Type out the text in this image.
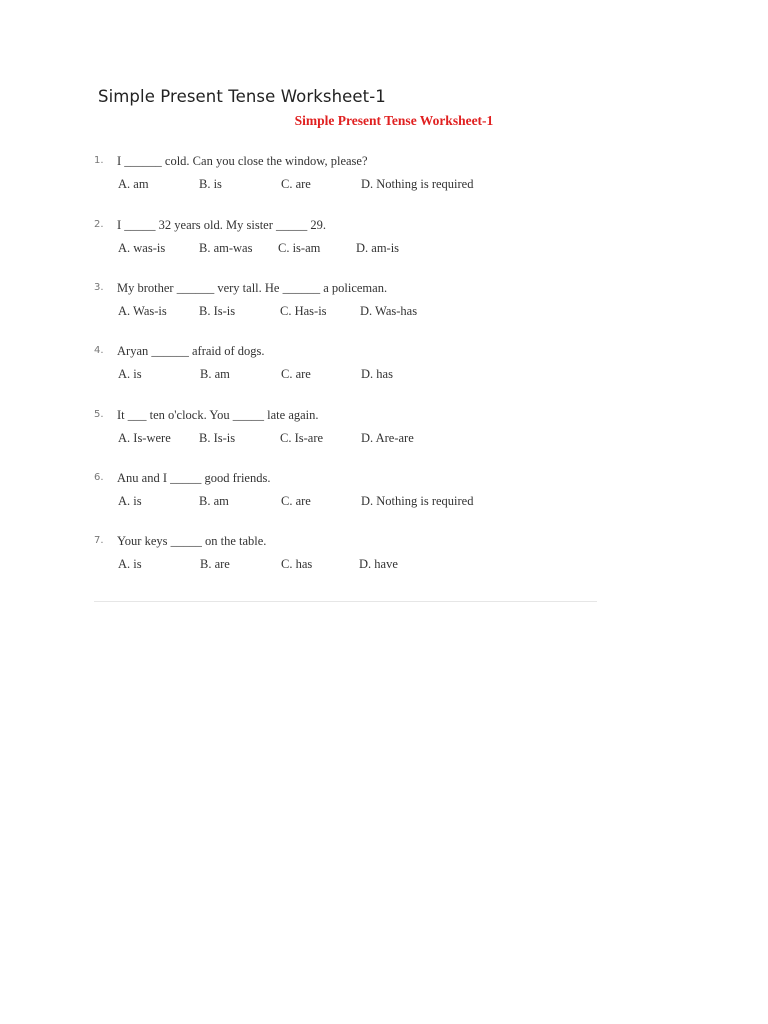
Simple Present Tense Worksheet-1
Simple Present Tense Worksheet-1
1. I ______ cold. Can you close the window, please?
A. am	B. is	C. are	D. Nothing is required
2. I _____ 32 years old. My sister _____ 29.
A. was-is	B. am-was C. is-am	D. am-is
3. My brother ______ very tall. He ______ a policeman.
A. Was-is	B. Is-is	C. Has-is	D. Was-has
4. Aryan ______ afraid of dogs.
A. is	B. am	C. are	D. has
5. It ___ ten o'clock. You _____ late again.
A. Is-were B. Is-is	C. Is-are	D. Are-are
6. Anu and I _____ good friends.
A. is	B. am	C. are	D. Nothing is required
7. Your keys _____ on the table.
A. is	B. are	C. has	D. have
